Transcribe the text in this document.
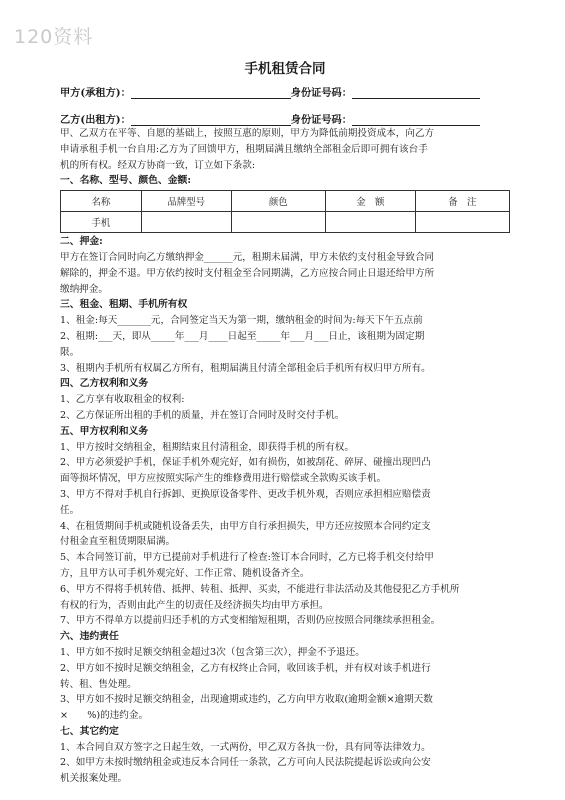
120资料
手机租赁合同
甲方(承租方)：	身份证号码：
乙方(出租方)：	身份证号码：

甲、乙双方在平等、自愿的基础上，按照互惠的原则，甲方为降低前期投资成本，向乙方

申请承租手机一台自用:乙方为了回馈甲方，租期届满且缴纳全部租金后即可拥有该台手

机的所有权。经双方协商一致，订立如下条款:

一、名称、型号、颜色、金额:

名称	品牌型号	颜色	金　额	备　注
手机				

二、押金:

甲方在签订合同时向乙方缴纳押金______元，租期未届满，甲方未依约支付租金导致合同

解除的，押金不退。甲方依约按时支付租金至合同期满，乙方应按合同止日退还给甲方所

缴纳押金。

三、租金、租期、手机所有权

1、租金:每天_______元，合同签定当天为第一期，缴纳租金的时间为:每天下午五点前

2、租期:___天，即从_____年___月____日起至_____年___月___日止，该租期为固定期

限。

3、租期内手机所有权属乙方所有，租期届满且付清全部租金后手机所有权归甲方所有。

四、乙方权利和义务

1、乙方享有收取租金的权利:

2、乙方保证所出租的手机的质量，并在签订合同时及时交付手机。

五、甲方权利和义务

1、甲方按时交纳租金，租期结束且付清租金，即获得手机的所有权。

2、甲方必须爱护手机，保证手机外观完好，如有损伤，如被刮花、碎屏、碰撞出现凹凸

面等损坏情况，甲方应按照实际产生的维修费用进行赔偿或全款购买该手机。

3、甲方不得对手机自行拆卸、更换原设备零件、更改手机外观，否则应承担相应赔偿责

任。

4、在租赁期间手机或随机设备丢失，由甲方自行承担损失，甲方还应按照本合同约定支

付租金直至租赁期限届满。

5、本合同签订前，甲方已提前对手机进行了检查:签订本合同时，乙方已将手机交付给甲

方，且甲方认可手机外观完好、工作正常、随机设备齐全。

6、甲方不得将手机转借、抵押、转租、抵押、买卖，不能进行非法活动及其他侵犯乙方手机所

有权的行为，否则由此产生的切责任及经济损失均由甲方承担。

7、甲方不得单方以提前归还手机的方式变相缩短租期，否则仍应按照合同继续承担租金。

六、违约责任

1、甲方如不按时足额交纳租金超过3次（包含第三次），押金不予退还。

2、甲方如不按时足额交纳租金，乙方有权终止合同，收回该手机，并有权对该手机进行

转、租、售处理。

3、甲方如不按时足额交纳租金，出现逾期或违约，乙方向甲方收取(逾期金额×逾期天数

×　　%)的违约金。

七、其它约定

1、本合同自双方签字之日起生效，一式两份，甲乙双方各执一份，具有同等法律效力。

2、如甲方未按时缴纳租金或违反本合同任一条款，乙方可向人民法院提起诉讼或向公安

机关报案处理。
